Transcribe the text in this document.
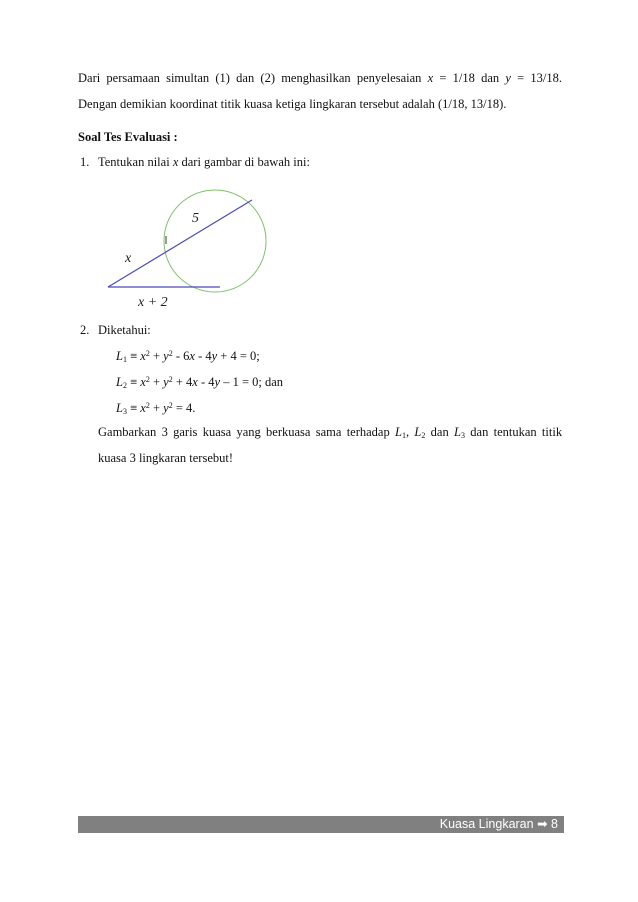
Dari persamaan simultan (1) dan (2) menghasilkan penyelesaian x = 1/18 dan y = 13/18.
Dengan demikian koordinat titik kuasa ketiga lingkaran tersebut adalah (1/18, 13/18).
Soal Tes Evaluasi :
1. Tentukan nilai x dari gambar di bawah ini:
5
x
x + 2
2. Diketahui:
$L_1 \equiv x^2 + y^2 - 6x - 4y + 4 = 0$;
$L_2 \equiv x^2 + y^2 + 4x - 4y - 1 = 0$; dan
$L_3 \equiv x^2 + y^2 = 4$.
Gambarkan 3 garis kuasa yang berkuasa sama terhadap $L_1$, $L_2$ dan $L_3$ dan tentukan titik
kuasa 3 lingkaran tersebut!
Kuasa Lingkaran ➡ 8
